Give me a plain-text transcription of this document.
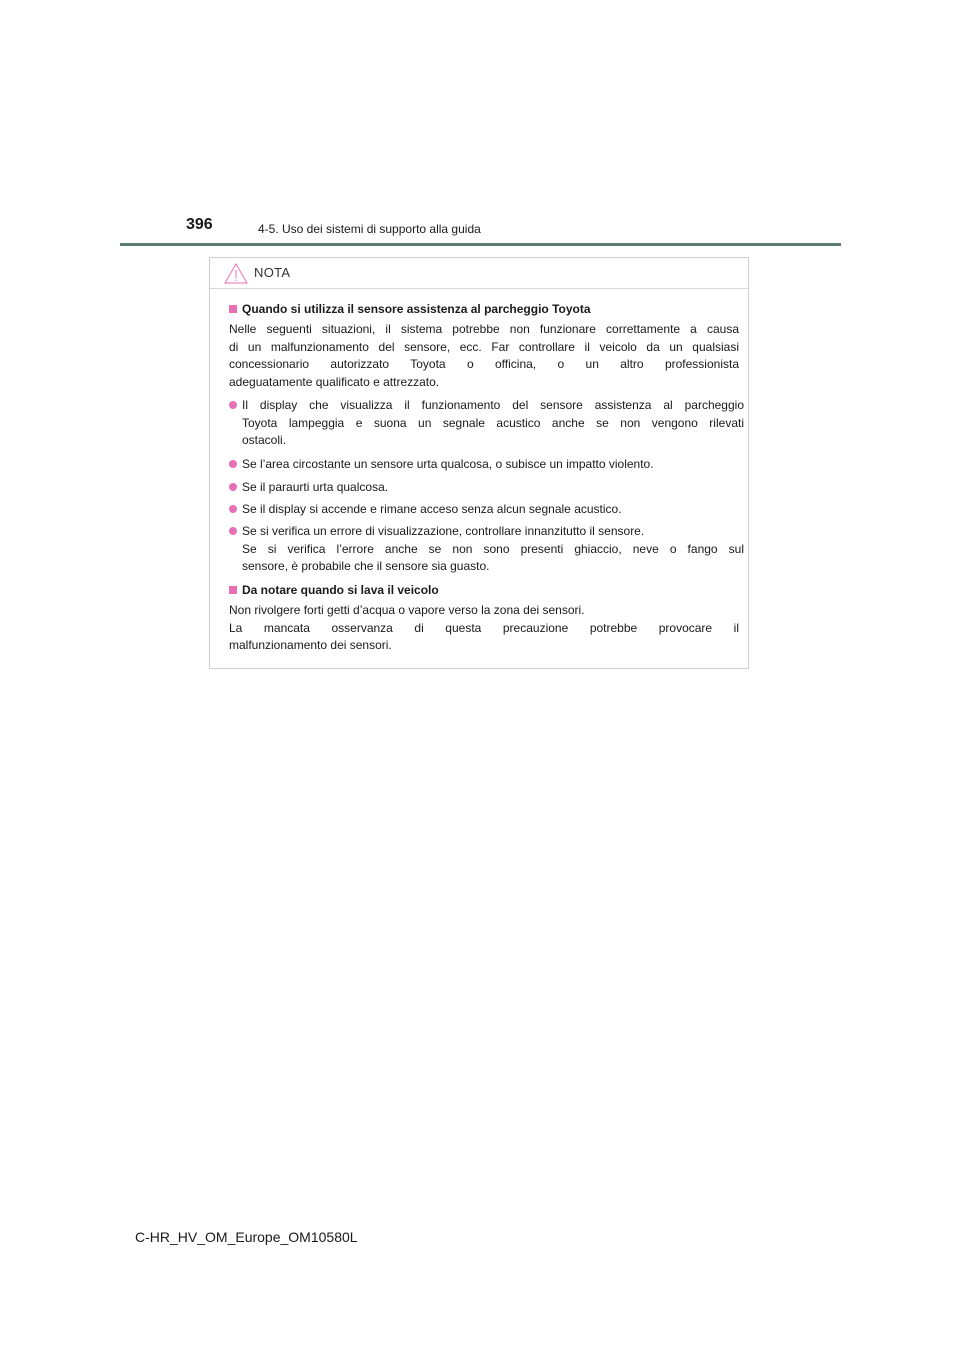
396	4-5. Uso dei sistemi di supporto alla guida
NOTA
Quando si utilizza il sensore assistenza al parcheggio Toyota
Nelle seguenti situazioni, il sistema potrebbe non funzionare correttamente a causa
di un malfunzionamento del sensore, ecc. Far controllare il veicolo da un qualsiasi
concessionario autorizzato Toyota o officina, o un altro professionista
adeguatamente qualificato e attrezzato.
Il display che visualizza il funzionamento del sensore assistenza al parcheggio
Toyota lampeggia e suona un segnale acustico anche se non vengono rilevati
ostacoli.
Se l’area circostante un sensore urta qualcosa, o subisce un impatto violento.
Se il paraurti urta qualcosa.
Se il display si accende e rimane acceso senza alcun segnale acustico.
Se si verifica un errore di visualizzazione, controllare innanzitutto il sensore.
Se si verifica l’errore anche se non sono presenti ghiaccio, neve o fango sul
sensore, è probabile che il sensore sia guasto.
Da notare quando si lava il veicolo
Non rivolgere forti getti d’acqua o vapore verso la zona dei sensori.
La mancata osservanza di questa precauzione potrebbe provocare il
malfunzionamento dei sensori.
C-HR_HV_OM_Europe_OM10580L
